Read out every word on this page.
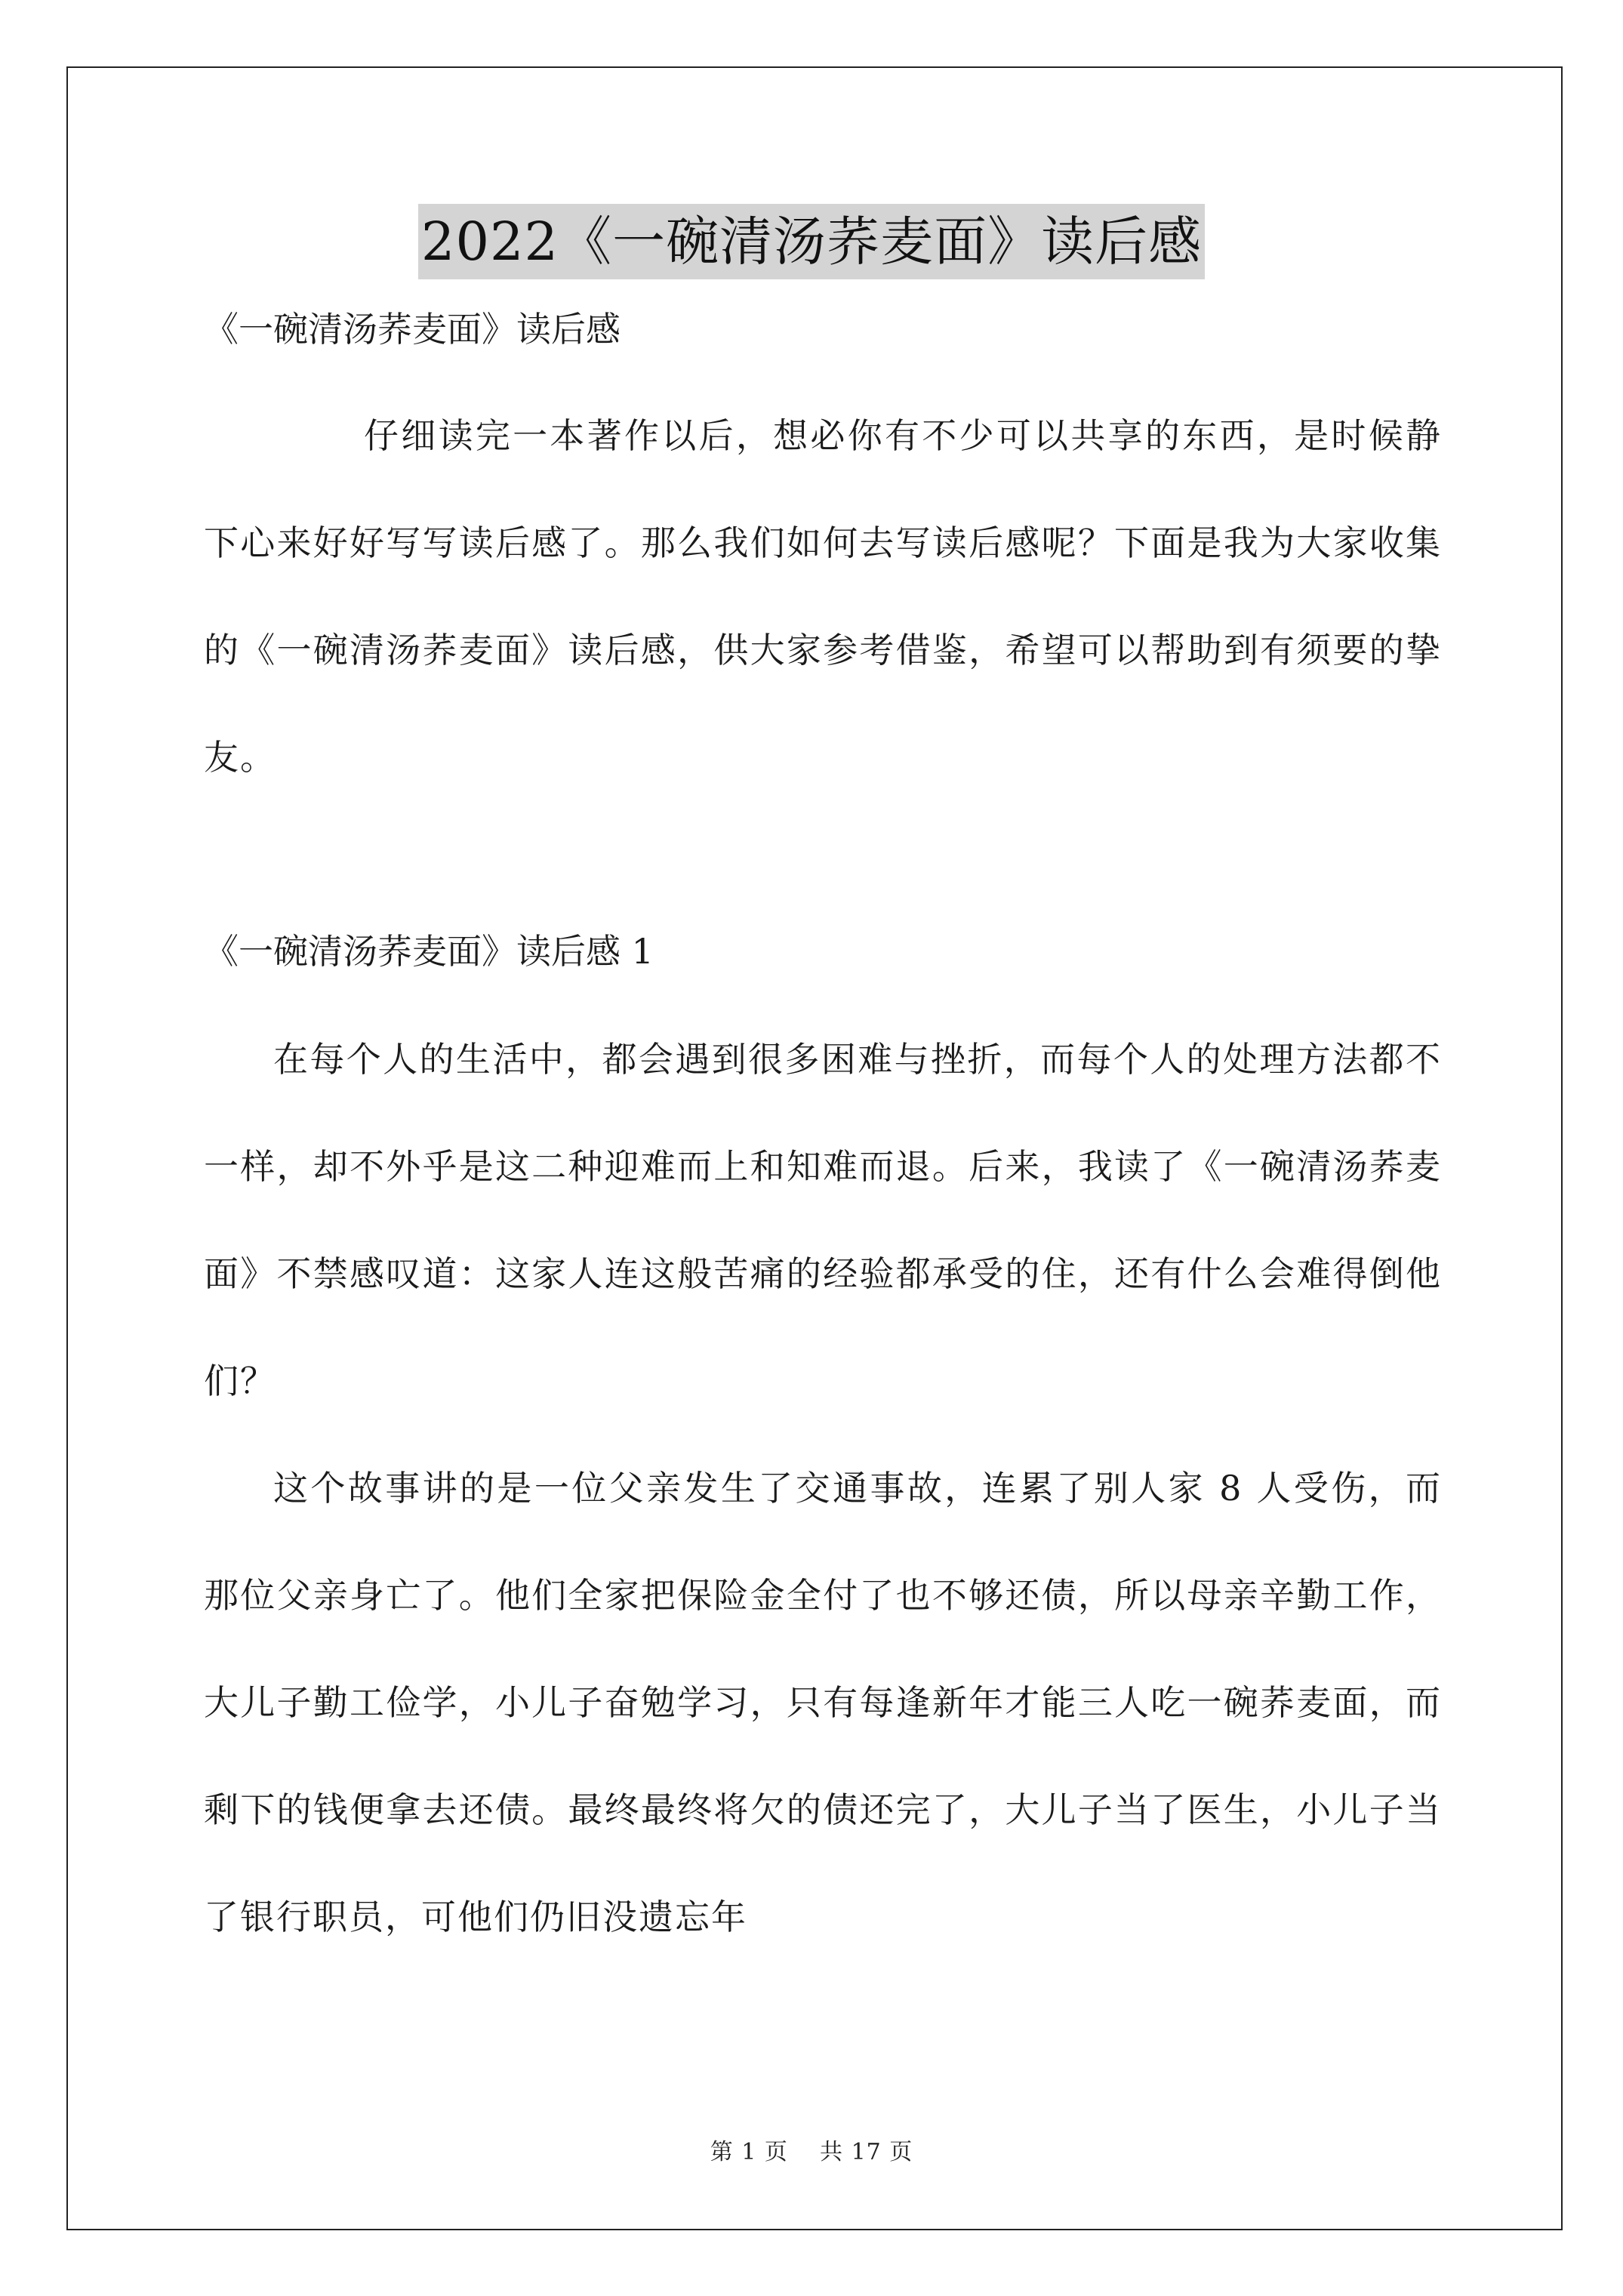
2022《一碗清汤荞麦面》读后感

《一碗清汤荞麦面》读后感

仔细读完一本著作以后，想必你有不少可以共享的东西，是时候静下心来好好写写读后感了。那么我们如何去写读后感呢？下面是我为大家收集的《一碗清汤荞麦面》读后感，供大家参考借鉴，希望可以帮助到有须要的挚友。

《一碗清汤荞麦面》读后感 1

在每个人的生活中，都会遇到很多困难与挫折，而每个人的处理方法都不一样，却不外乎是这二种迎难而上和知难而退。后来，我读了《一碗清汤荞麦面》不禁感叹道：这家人连这般苦痛的经验都承受的住，还有什么会难得倒他们？

这个故事讲的是一位父亲发生了交通事故，连累了别人家 8 人受伤，而那位父亲身亡了。他们全家把保险金全付了也不够还债，所以母亲辛勤工作，大儿子勤工俭学，小儿子奋勉学习，只有每逢新年才能三人吃一碗荞麦面，而剩下的钱便拿去还债。最终最终将欠的债还完了，大儿子当了医生，小儿子当了银行职员，可他们仍旧没遗忘年

第 1 页 共 17 页
